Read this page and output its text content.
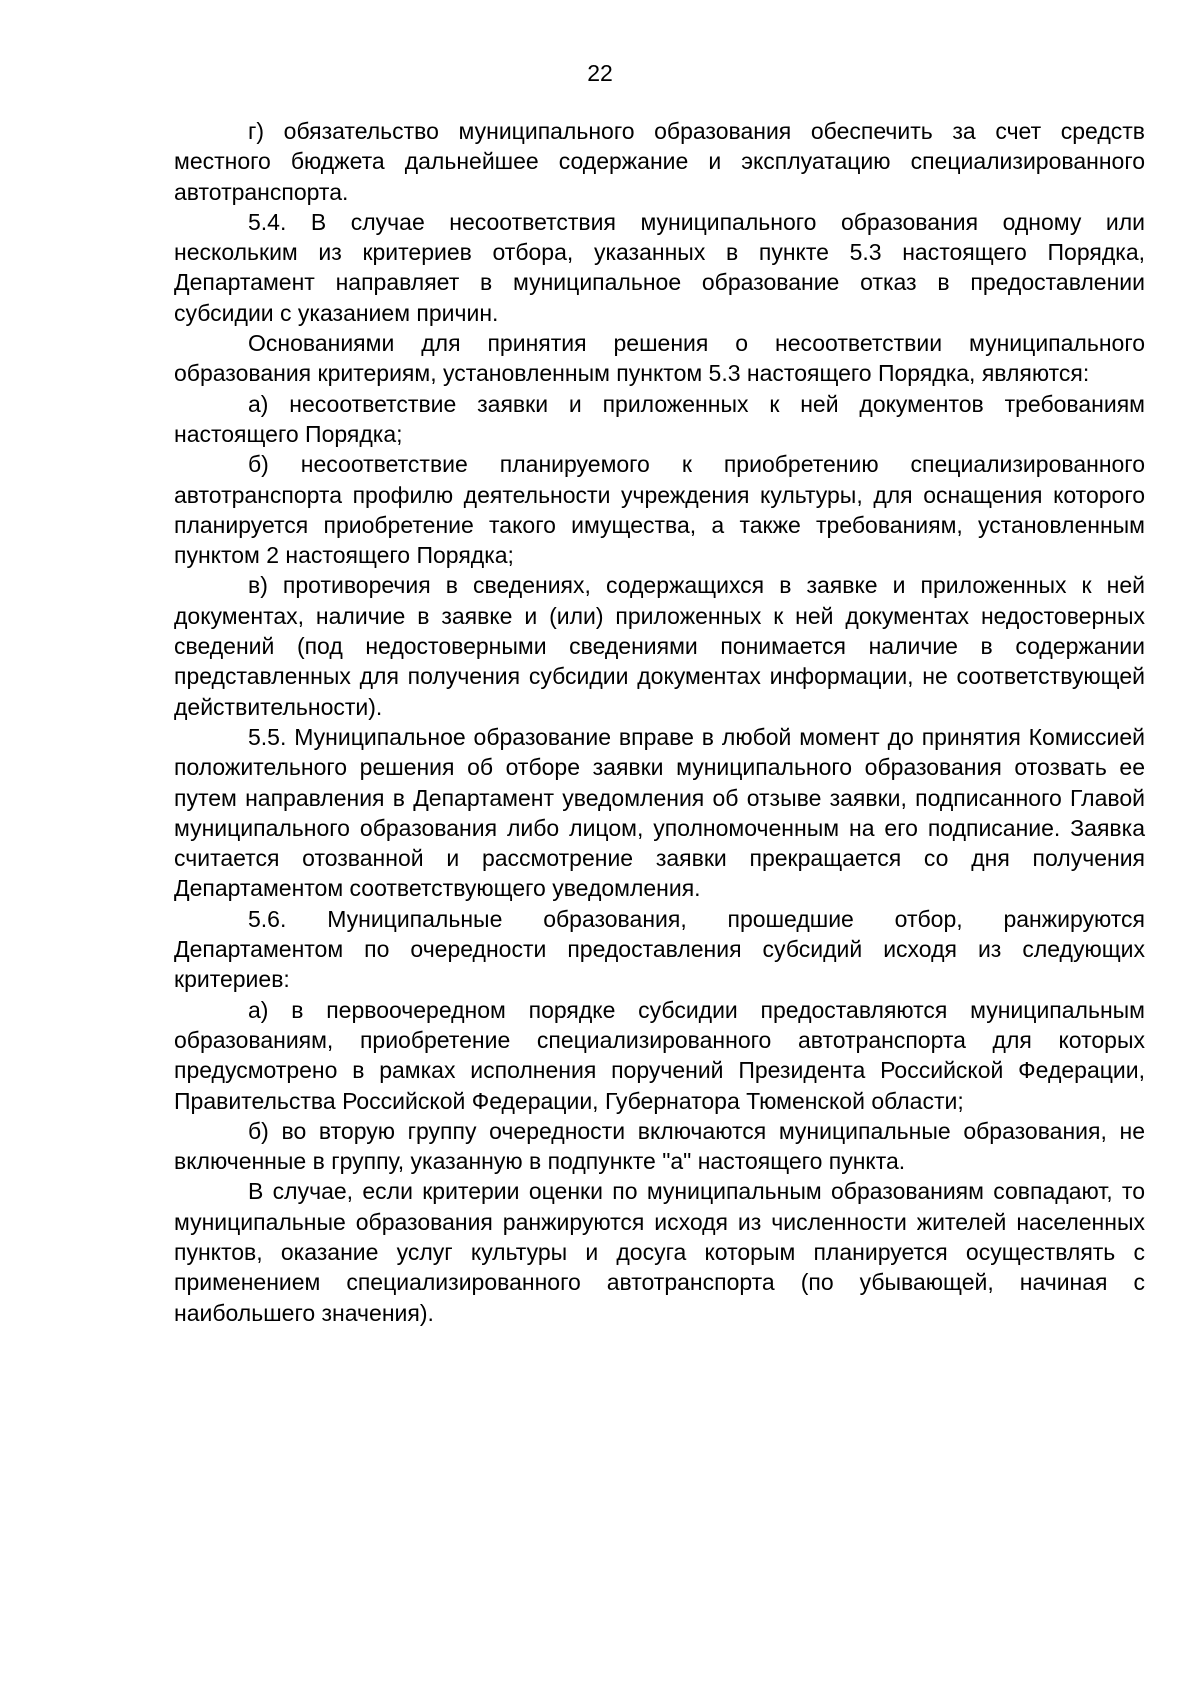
22

г) обязательство муниципального образования обеспечить за счет средств местного бюджета дальнейшее содержание и эксплуатацию специализированного автотранспорта.

5.4. В случае несоответствия муниципального образования одному или нескольким из критериев отбора, указанных в пункте 5.3 настоящего Порядка, Департамент направляет в муниципальное образование отказ в предоставлении субсидии с указанием причин.

Основаниями для принятия решения о несоответствии муниципального образования критериям, установленным пунктом 5.3 настоящего Порядка, являются:

а) несоответствие заявки и приложенных к ней документов требованиям настоящего Порядка;

б) несоответствие планируемого к приобретению специализированного автотранспорта профилю деятельности учреждения культуры, для оснащения которого планируется приобретение такого имущества, а также требованиям, установленным пунктом 2 настоящего Порядка;

в) противоречия в сведениях, содержащихся в заявке и приложенных к ней документах, наличие в заявке и (или) приложенных к ней документах недостоверных сведений (под недостоверными сведениями понимается наличие в содержании представленных для получения субсидии документах информации, не соответствующей действительности).

5.5. Муниципальное образование вправе в любой момент до принятия Комиссией положительного решения об отборе заявки муниципального образования отозвать ее путем направления в Департамент уведомления об отзыве заявки, подписанного Главой муниципального образования либо лицом, уполномоченным на его подписание. Заявка считается отозванной и рассмотрение заявки прекращается со дня получения Департаментом соответствующего уведомления.

5.6. Муниципальные образования, прошедшие отбор, ранжируются Департаментом по очередности предоставления субсидий исходя из следующих критериев:

а) в первоочередном порядке субсидии предоставляются муниципальным образованиям, приобретение специализированного автотранспорта для которых предусмотрено в рамках исполнения поручений Президента Российской Федерации, Правительства Российской Федерации, Губернатора Тюменской области;

б) во вторую группу очередности включаются муниципальные образования, не включенные в группу, указанную в подпункте "а" настоящего пункта.

В случае, если критерии оценки по муниципальным образованиям совпадают, то муниципальные образования ранжируются исходя из численности жителей населенных пунктов, оказание услуг культуры и досуга которым планируется осуществлять с применением специализированного автотранспорта (по убывающей, начиная с наибольшего значения).
